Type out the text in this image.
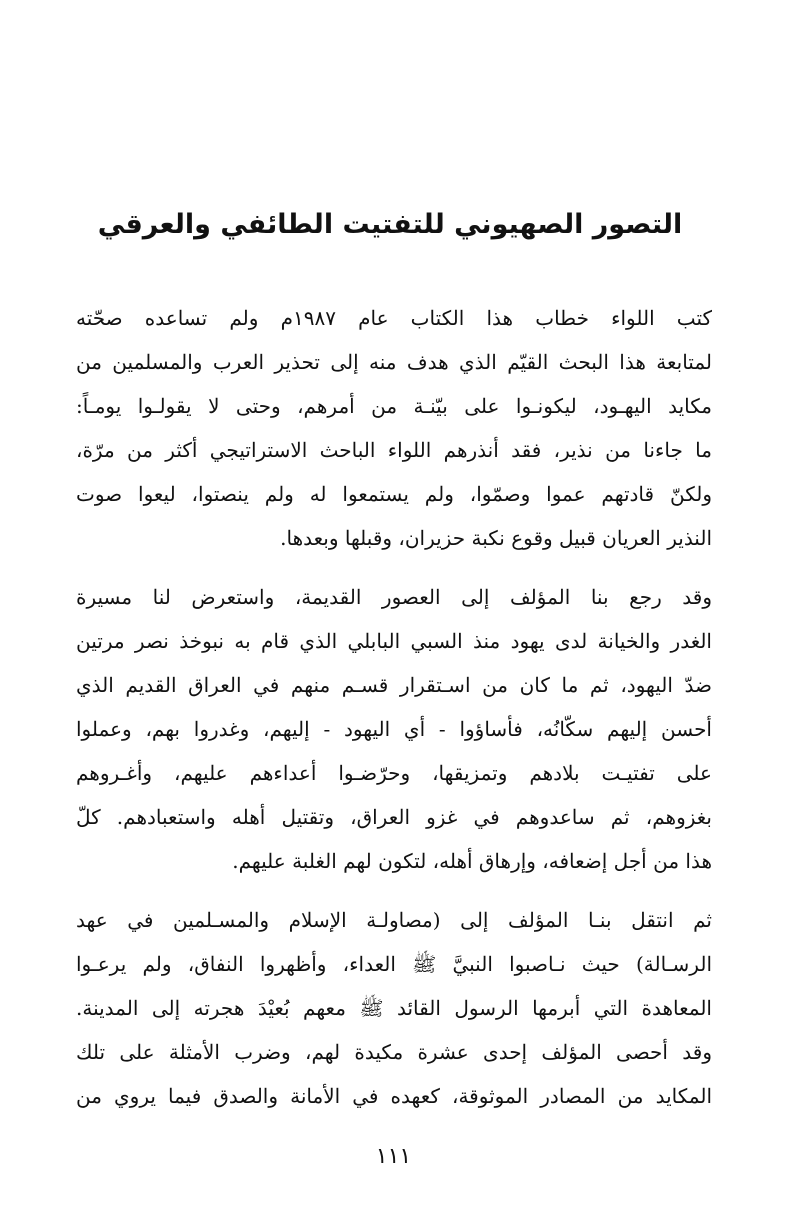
التصور الصهيوني للتفتيت الطائفي والعرقي

كتب اللواء خطاب هذا الكتاب عام ١٩٨٧م ولم تساعده صحّته
لمتابعة هذا البحث القيّم الذي هدف منه إلى تحذير العرب والمسلمين من
مكايد اليهـود، ليكونـوا على بيّنـة من أمرهم، وحتى لا يقولـوا يومـاً:
ما جاءنا من نذير، فقد أنذرهم اللواء الباحث الاستراتيجي أكثر من مرّة،
ولكنّ قادتهم عموا وصمّوا، ولم يستمعوا له ولم ينصتوا، ليعوا صوت
النذير العريان قبيل وقوع نكبة حزيران، وقبلها وبعدها.

وقد رجع بنا المؤلف إلى العصور القديمة، واستعرض لنا مسيرة
الغدر والخيانة لدى يهود منذ السبي البابلي الذي قام به نبوخذ نصر مرتين
ضدّ اليهود، ثم ما كان من اسـتقرار قسـم منهم في العراق القديم الذي
أحسن إليهم سكّانُه، فأساؤوا - أي اليهود - إليهم، وغدروا بهم، وعملوا
على تفتيـت بلادهم وتمزيقها، وحرّضـوا أعداءهم عليهم، وأغـروهم
بغزوهم، ثم ساعدوهم في غزو العراق، وتقتيل أهله واستعبادهم. كلّ
هذا من أجل إضعافه، وإرهاق أهله، لتكون لهم الغلبة عليهم.

ثم انتقل بنـا المؤلف إلى (مصاولـة الإسلام والمسـلمين في عهد
الرسـالة) حيث نـاصبوا النبيَّ ﷺ العداء، وأظهروا النفاق، ولم يرعـوا
المعاهدة التي أبرمها الرسول القائد ﷺ معهم بُعيْدَ هجرته إلى المدينة.
وقد أحصى المؤلف إحدى عشرة مكيدة لهم، وضرب الأمثلة على تلك
المكايد من المصادر الموثوقة، كعهده في الأمانة والصدق فيما يروي من

١١١
